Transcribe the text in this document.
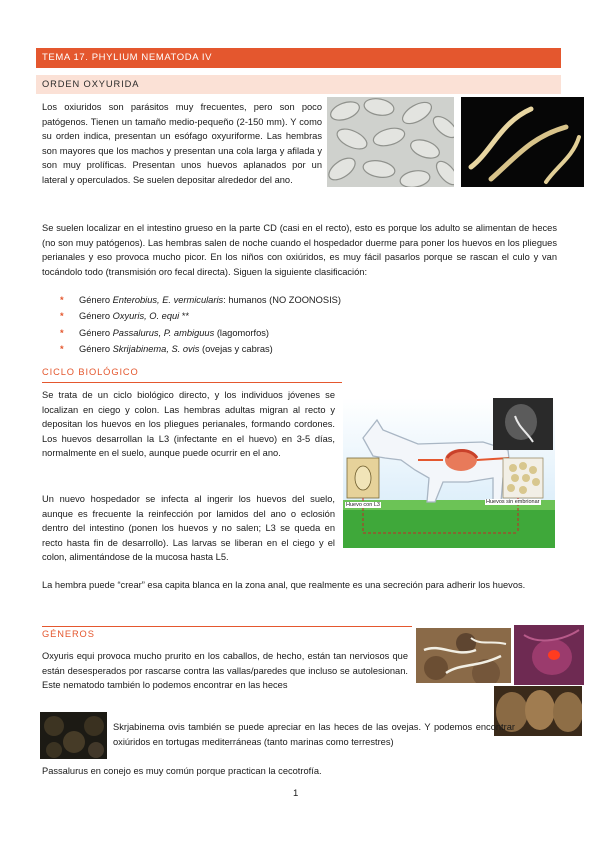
TEMA 17. PHYLIUM NEMATODA IV
ORDEN OXYURIDA

Los oxiuridos son parásitos muy frecuentes, pero son poco patógenos. Tienen un tamaño medio-pequeño (2-150 mm). Y como su orden indica, presentan un esófago oxyuriforme. Las hembras son mayores que los machos y presentan una cola larga y afilada y son muy prolíficas. Presentan unos huevos aplanados por un lateral y operculados. Se suelen depositar alrededor del ano.

Se suelen localizar en el intestino grueso en la parte CD (casi en el recto), esto es porque los adulto se alimentan de heces (no son muy patógenos). Las hembras salen de noche cuando el hospedador duerme para poner los huevos en los pliegues perianales y eso provoca mucho picor. En los niños con oxiúridos, es muy fácil pasarlos porque se rascan el culo y van tocándolo todo (transmisión oro fecal directa). Siguen la siguiente clasificación:

* Género Enterobius, E. vermicularis: humanos (NO ZOONOSIS)
* Género Oxyuris, O. equi **
* Género Passalurus, P. ambiguus (lagomorfos)
* Género Skrijabinema, S. ovis (ovejas y cabras)
CICLO BIOLÓGICO

Se trata de un ciclo biológico directo, y los individuos jóvenes se localizan en ciego y colon. Las hembras adultas migran al recto y depositan los huevos en los pliegues perianales, formando cordones. Los huevos desarrollan la L3 (infectante en el huevo) en 3-5 días, normalmente en el suelo, aunque puede ocurrir en el ano.

Un nuevo hospedador se infecta al ingerir los huevos del suelo, aunque es frecuente la reinfección por lamidos del ano o eclosión dentro del intestino (ponen los huevos y no salen; L3 se queda en recto hasta fin de desarrollo). Las larvas se liberan en el ciego y el colon, alimentándose de la mucosa hasta L5.

Huevo con L3	Huevos sin embrionar

La hembra puede “crear” esa capita blanca en la zona anal, que realmente es una secreción para adherir los huevos.

GÉNEROS

Oxyuris equi provoca mucho prurito en los caballos, de hecho, están tan nerviosos que están desesperados por rascarse contra las vallas/paredes que incluso se autolesionan. Este nematodo también lo podemos encontrar en las heces

Skrjabinema ovis también se puede apreciar en las heces de las ovejas. Y podemos encontrar oxiúridos en tortugas mediterráneas (tanto marinas como terrestres)

Passalurus en conejo es muy común porque practican la cecotrofía.

1
